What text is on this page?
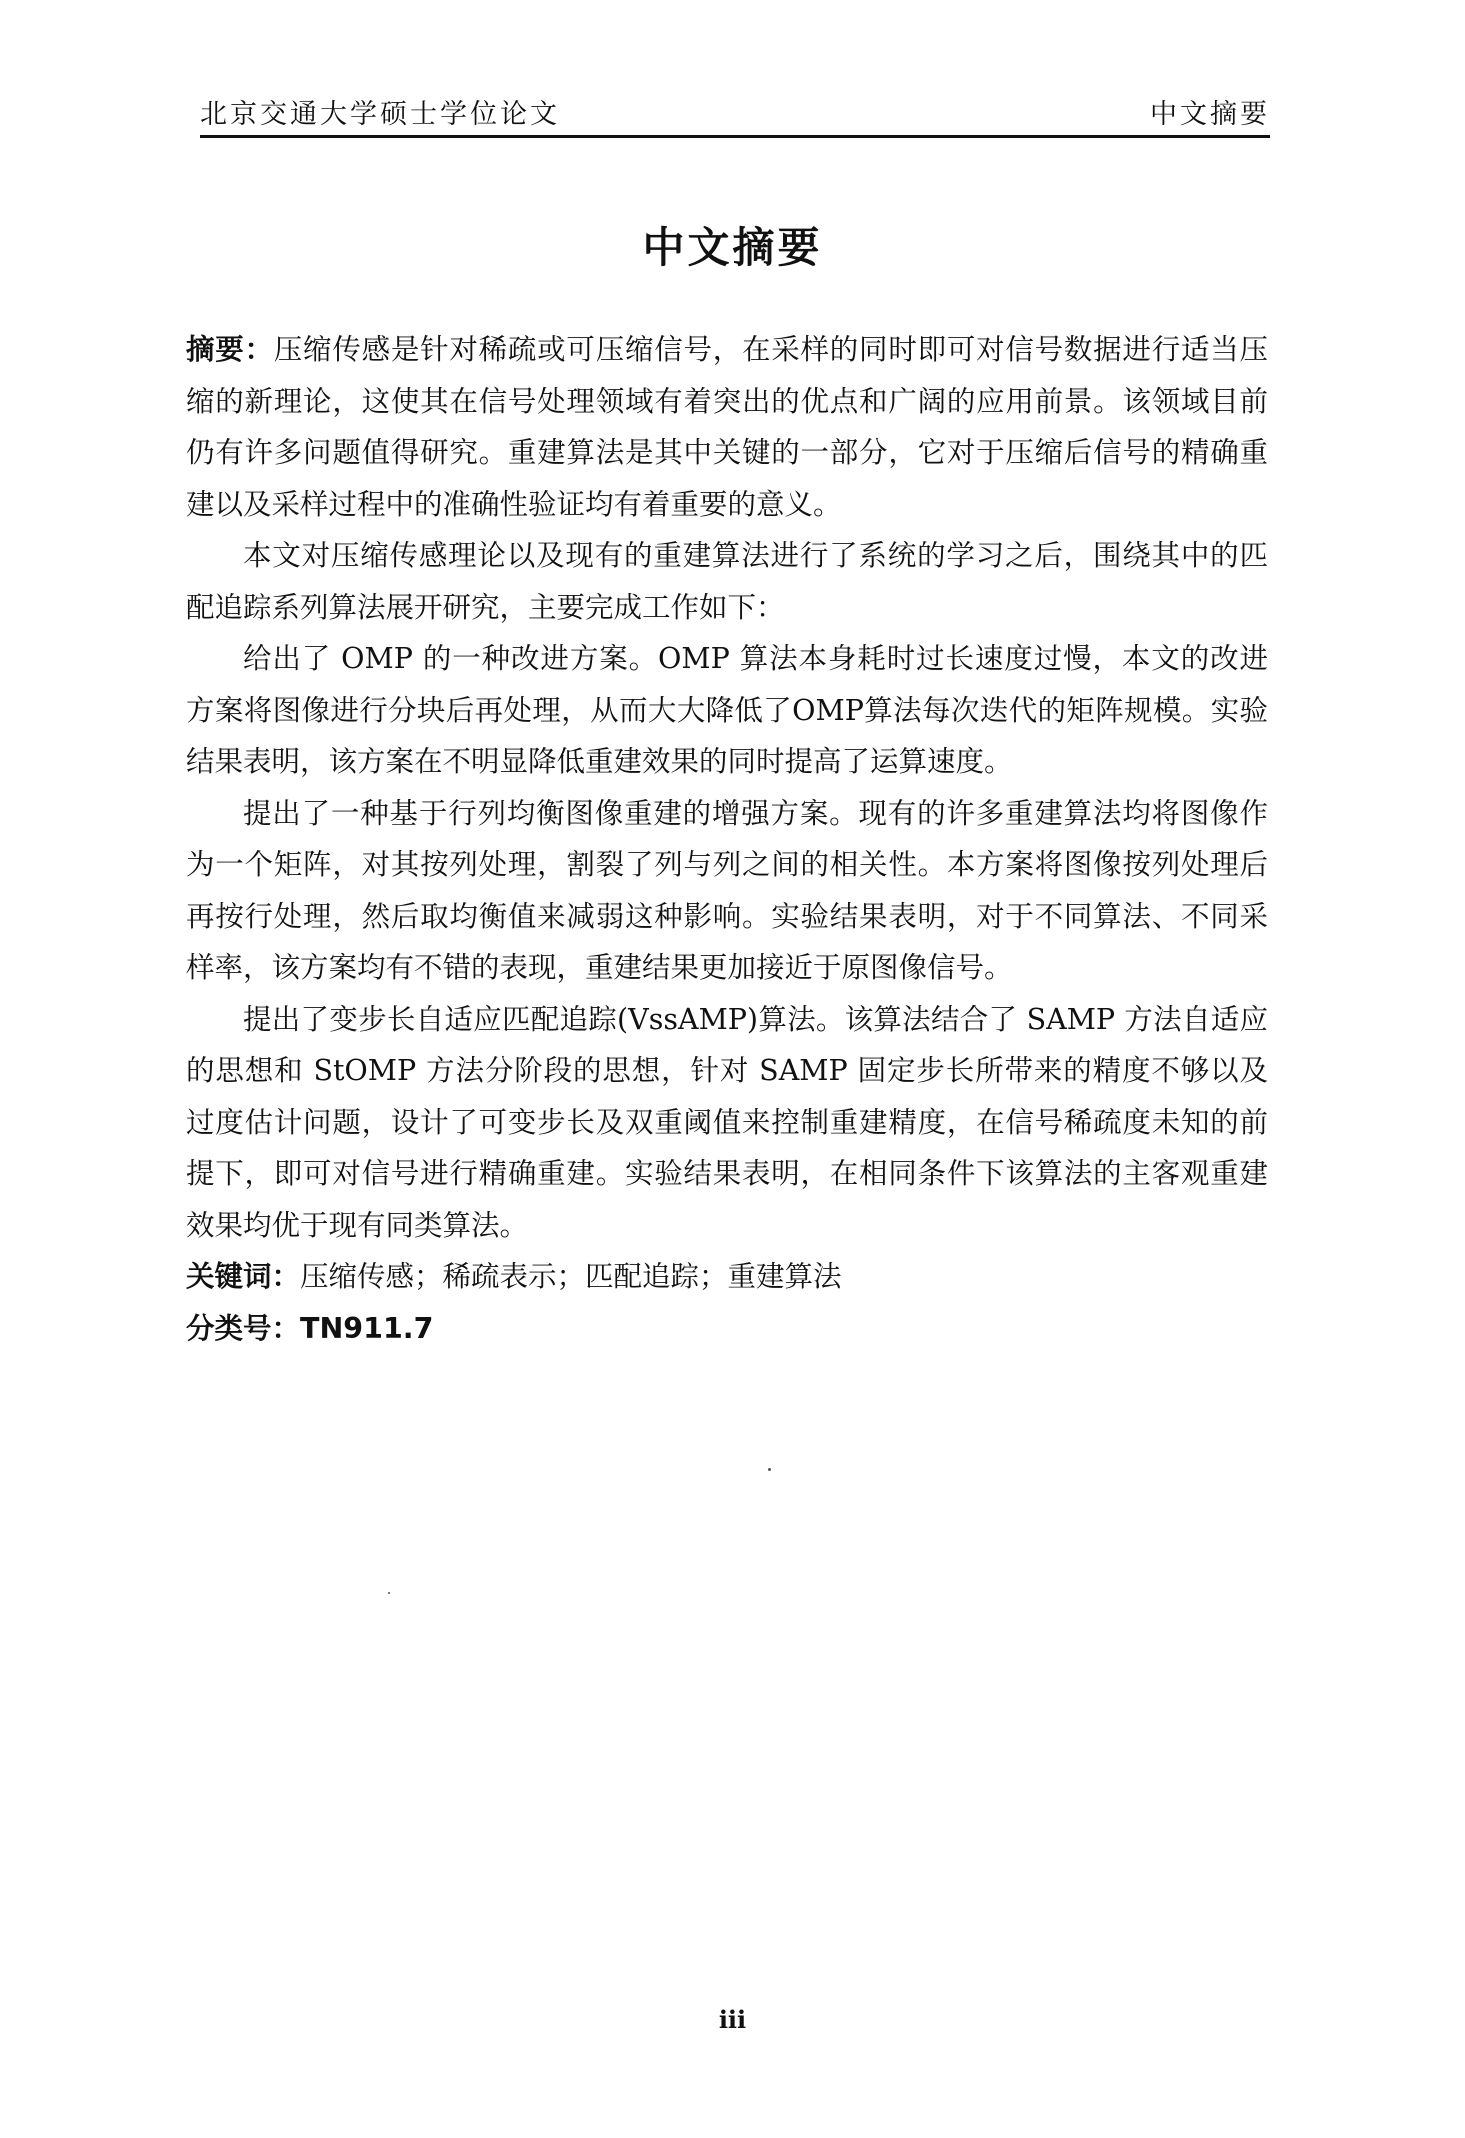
北京交通大学硕士学位论文	中文摘要
中文摘要

摘要：压缩传感是针对稀疏或可压缩信号，在采样的同时即可对信号数据进行适当压缩的新理论，这使其在信号处理领域有着突出的优点和广阔的应用前景。该领域目前仍有许多问题值得研究。重建算法是其中关键的一部分，它对于压缩后信号的精确重建以及采样过程中的准确性验证均有着重要的意义。

本文对压缩传感理论以及现有的重建算法进行了系统的学习之后，围绕其中的匹配追踪系列算法展开研究，主要完成工作如下：

给出了 OMP 的一种改进方案。OMP 算法本身耗时过长速度过慢，本文的改进方案将图像进行分块后再处理，从而大大降低了OMP算法每次迭代的矩阵规模。实验结果表明，该方案在不明显降低重建效果的同时提高了运算速度。

提出了一种基于行列均衡图像重建的增强方案。现有的许多重建算法均将图像作为一个矩阵，对其按列处理，割裂了列与列之间的相关性。本方案将图像按列处理后再按行处理，然后取均衡值来减弱这种影响。实验结果表明，对于不同算法、不同采样率，该方案均有不错的表现，重建结果更加接近于原图像信号。

提出了变步长自适应匹配追踪(VssAMP)算法。该算法结合了 SAMP 方法自适应的思想和 StOMP 方法分阶段的思想，针对 SAMP 固定步长所带来的精度不够以及过度估计问题，设计了可变步长及双重阈值来控制重建精度，在信号稀疏度未知的前提下，即可对信号进行精确重建。实验结果表明，在相同条件下该算法的主客观重建效果均优于现有同类算法。

关键词：压缩传感；稀疏表示；匹配追踪；重建算法

分类号：TN911.7

iii
